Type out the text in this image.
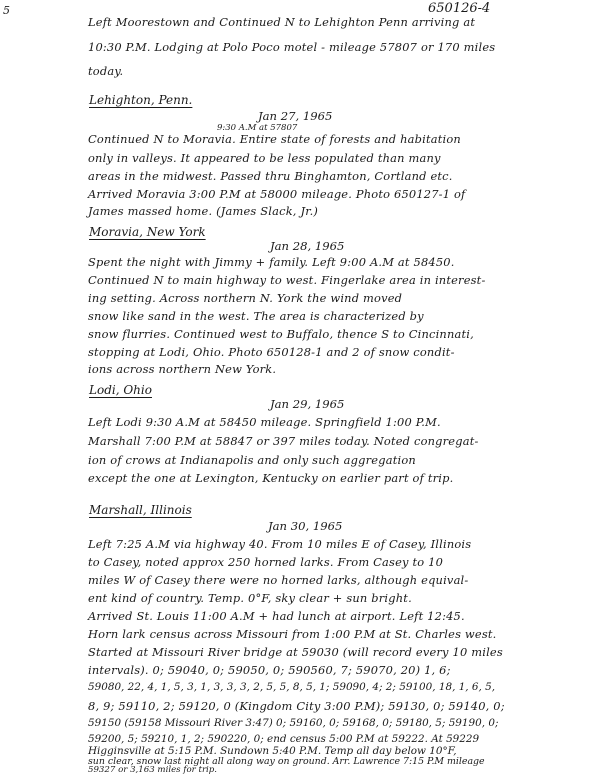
5	650126-4
Left Moorestown and Continued N to Lehighton Penn arriving at
10:30 P.M. Lodging at Polo Poco motel - mileage 57807 or 170 miles
today.
Lehighton, Penn.
Jan 27, 1965
9:30 A.M at 57807
Continued N to Moravia. Entire state of forests and habitation
only in valleys. It appeared to be less populated than many
areas in the midwest. Passed thru Binghamton, Cortland etc.
Arrived Moravia 3:00 P.M at 58000 mileage. Photo 650127-1 of
James massed home. (James Slack, Jr.)
Moravia, New York
Jan 28, 1965
Spent the night with Jimmy + family. Left 9:00 A.M at 58450.
Continued N to main highway to west. Fingerlake area in interest-
ing setting. Across northern N. York the wind moved
snow like sand in the west. The area is characterized by
snow flurries. Continued west to Buffalo, thence S to Cincinnati,
stopping at Lodi, Ohio. Photo 650128-1 and 2 of snow condit-
ions across northern New York.
Lodi, Ohio
Jan 29, 1965
Left Lodi 9:30 A.M at 58450 mileage. Springfield 1:00 P.M.
Marshall 7:00 P.M at 58847 or 397 miles today. Noted congregat-
ion of crows at Indianapolis and only such aggregation
except the one at Lexington, Kentucky on earlier part of trip.
Marshall, Illinois
Jan 30, 1965
Left 7:25 A.M via highway 40. From 10 miles E of Casey, Illinois
to Casey, noted approx 250 horned larks. From Casey to 10
miles W of Casey there were no horned larks, although equival-
ent kind of country. Temp. 0°F, sky clear + sun bright.
Arrived St. Louis 11:00 A.M + had lunch at airport. Left 12:45.
Horn lark census across Missouri from 1:00 P.M at St. Charles west.
Started at Missouri River bridge at 59030 (will record every 10 miles
intervals). 0; 59040, 0; 59050, 0; 590560, 7; 59070, 20) 1, 6;
59080, 22, 4, 1, 5, 3, 1, 3, 3, 3, 2, 5, 5, 8, 5, 1; 59090, 4; 2; 59100, 18, 1, 6, 5,
8, 9; 59110, 2; 59120, 0 (Kingdom City 3:00 P.M); 59130, 0; 59140, 0;
59150 (59158 Missouri River 3:47) 0; 59160, 0; 59168, 0; 59180, 5; 59190, 0;
59200, 5; 59210, 1, 2; 590220, 0; end census 5:00 P.M at 59222. At 59229
Higginsville at 5:15 P.M. Sundown 5:40 P.M. Temp all day below 10°F,
sun clear, snow last night all along way on ground. Arr. Lawrence 7:15 P.M mileage
59327 or 3,163 miles for trip.
